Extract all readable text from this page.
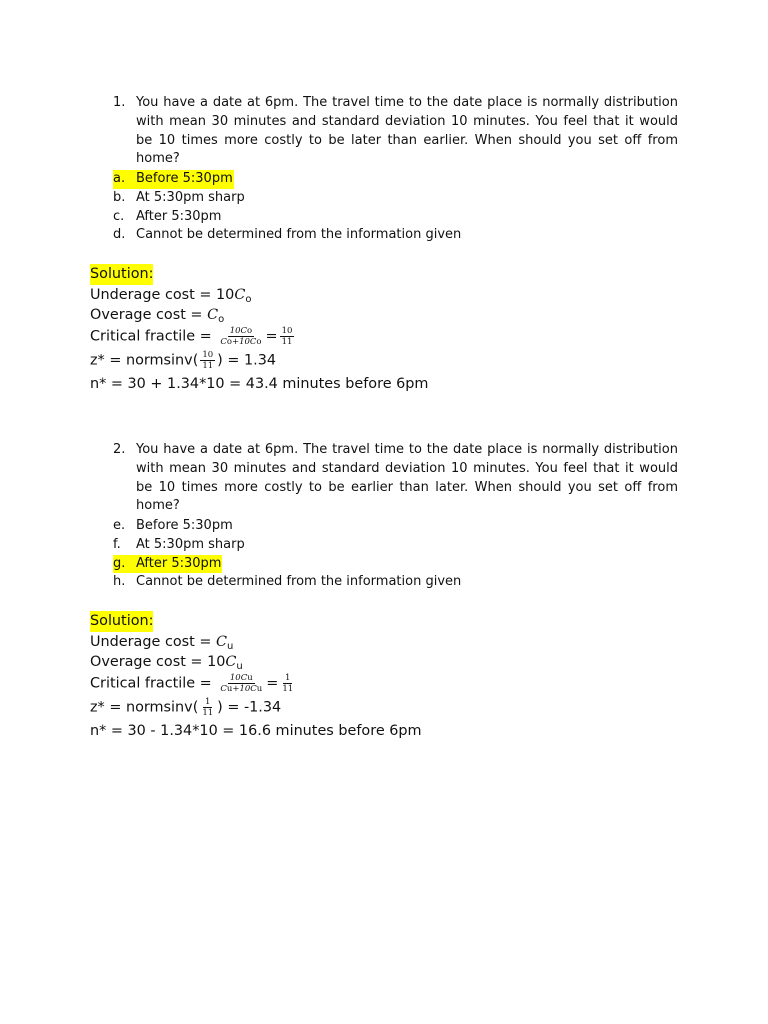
1. You have a date at 6pm. The travel time to the date place is normally distribution with mean 30 minutes and standard deviation 10 minutes. You feel that it would be 10 times more costly to be later than earlier. When should you set off from home?
a. Before 5:30pm
b. At 5:30pm sharp
c. After 5:30pm
d. Cannot be determined from the information given
Solution:
Underage $\cos t = 10C_o$
Overage $\cos t = C_o$
Critical fractile = $\frac{10Co}{Co+10Co} = \frac{10}{11}$
z* = normsinv( $\frac{10}{11}$ ) = 1.34
n* = 30 + 1.34*10 = 43.4 minutes before 6pm
2. You have a date at 6pm. The travel time to the date place is normally distribution with mean 30 minutes and standard deviation 10 minutes. You feel that it would be 10 times more costly to be earlier than later. When should you set off from home?
e. Before 5:30pm
f.	At 5:30pm sharp
g. After 5:30pm
h. Cannot be determined from the information given
Solution:
Underage $\cos t = C_u$
Overage $\cos t = 10C_u$
Critical fractile = $\frac{10Cu}{Cu+10Cu} = \frac{1}{11}$
z* = normsinv( $\frac{1}{11}$ ) = -1.34
n* = 30 - 1.34*10 = 16.6 minutes before 6pm
